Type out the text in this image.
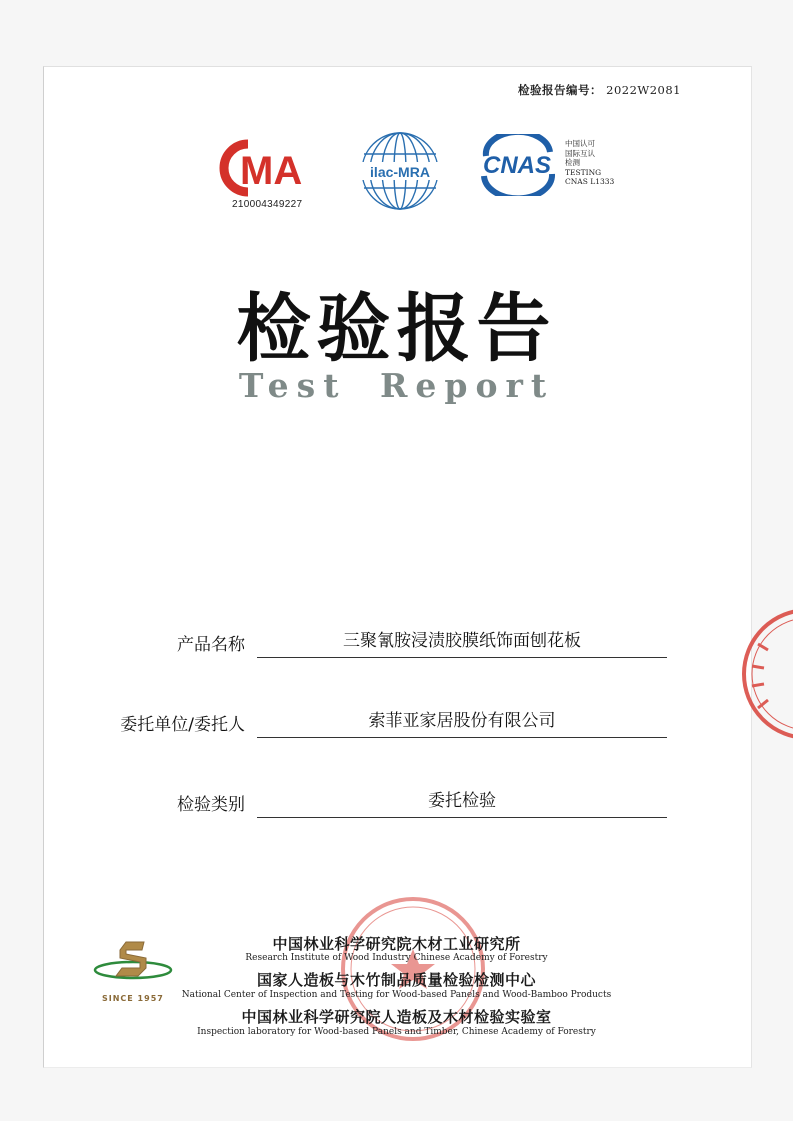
检验报告编号： 2022W2081
MA
210004349227
ilac-MRA CNAS
中国认可
国际互认
检测
TESTING
CNAS L1333
检验报告
Test Report
产品名称	三聚氰胺浸渍胶膜纸饰面刨花板
委托单位/委托人	索菲亚家居股份有限公司
检验类别	委托检验
SINCE 1957
中国林业科学研究院木材工业研究所
Research Institute of Wood Industry Chinese Academy of Forestry
国家人造板与木竹制品质量检验检测中心
National Center of Inspection and Testing for Wood-based Panels and Wood-Bamboo Products
中国林业科学研究院人造板及木材检验实验室
Inspection laboratory for Wood-based Panels and Timber, Chinese Academy of Forestry
